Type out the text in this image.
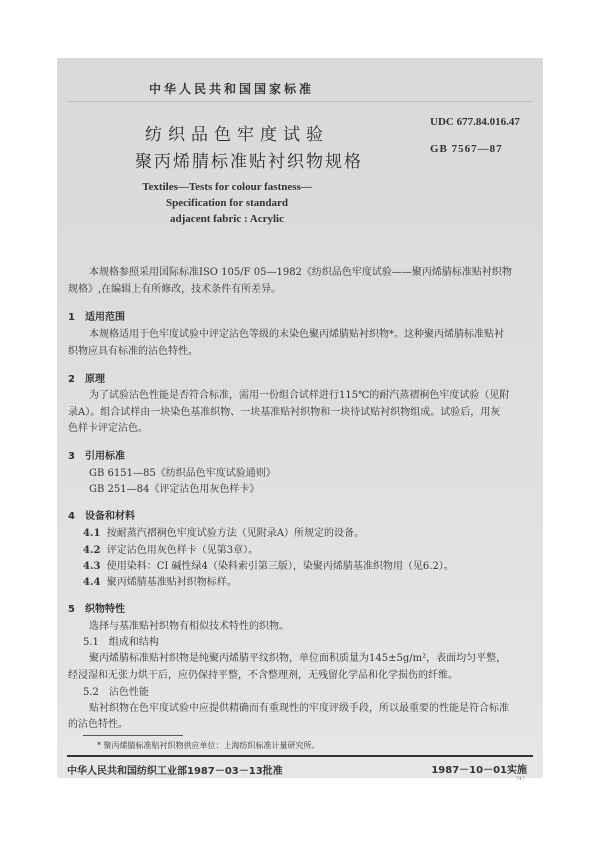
中华人民共和国国家标准
纺织品色牢度试验
聚丙烯腈标准贴衬织物规格
UDC 677.84.016.47
GB 7567—87
Textiles—Tests for colour fastness—
Specification for standard
adjacent fabric : Acrylic
本规格参照采用国际标准ISO 105/F 05—1982《纺织品色牢度试验——聚丙烯腈标准贴衬织物
规格》,在编辑上有所修改，技术条件有所差异。
1　适用范围
本规格适用于色牢度试验中评定沾色等级的未染色聚丙烯腈贴衬织物*。这种聚丙烯腈标准贴衬
织物应具有标准的沾色特性。
2　原理
为了试验沾色性能是否符合标准，需用一份组合试样进行115℃的耐汽蒸褶裥色牢度试验（见附
录A）。组合试样由一块染色基准织物、一块基准贴衬织物和一块待试贴衬织物组成。试验后，用灰
色样卡评定沾色。
3　引用标准
GB 6151—85《纺织品色牢度试验通则》
GB 251—84《评定沾色用灰色样卡》
4　设备和材料
4.1 按耐蒸汽褶裥色牢度试验方法（见附录A）所规定的设备。
4.2 评定沾色用灰色样卡（见第3章）。
4.3 使用染料：CI 碱性绿4（染料索引第三版），染聚丙烯腈基准织物用（见6.2）。
4.4 聚丙烯腈基准贴衬织物标样。
5　织物特性
选择与基准贴衬织物有相似技术特性的织物。
5.1　组成和结构
聚丙烯腈标准贴衬织物是纯聚丙烯腈平纹织物，单位面积质量为145±5g/m²，表面均匀平整，
经浸湿和无张力烘干后，应仍保持平整，不含整理剂，无残留化学品和化学损伤的纤维。
5.2　沾色性能
贴衬织物在色牢度试验中应提供精确而有重现性的牢度评级手段，所以最重要的性能是符合标准
的沾色特性。
* 聚丙烯腈标准贴衬织物供应单位：上海纺织标准计量研究所。
中华人民共和国纺织工业部1987－03－13批准	1987－10－01实施
747
